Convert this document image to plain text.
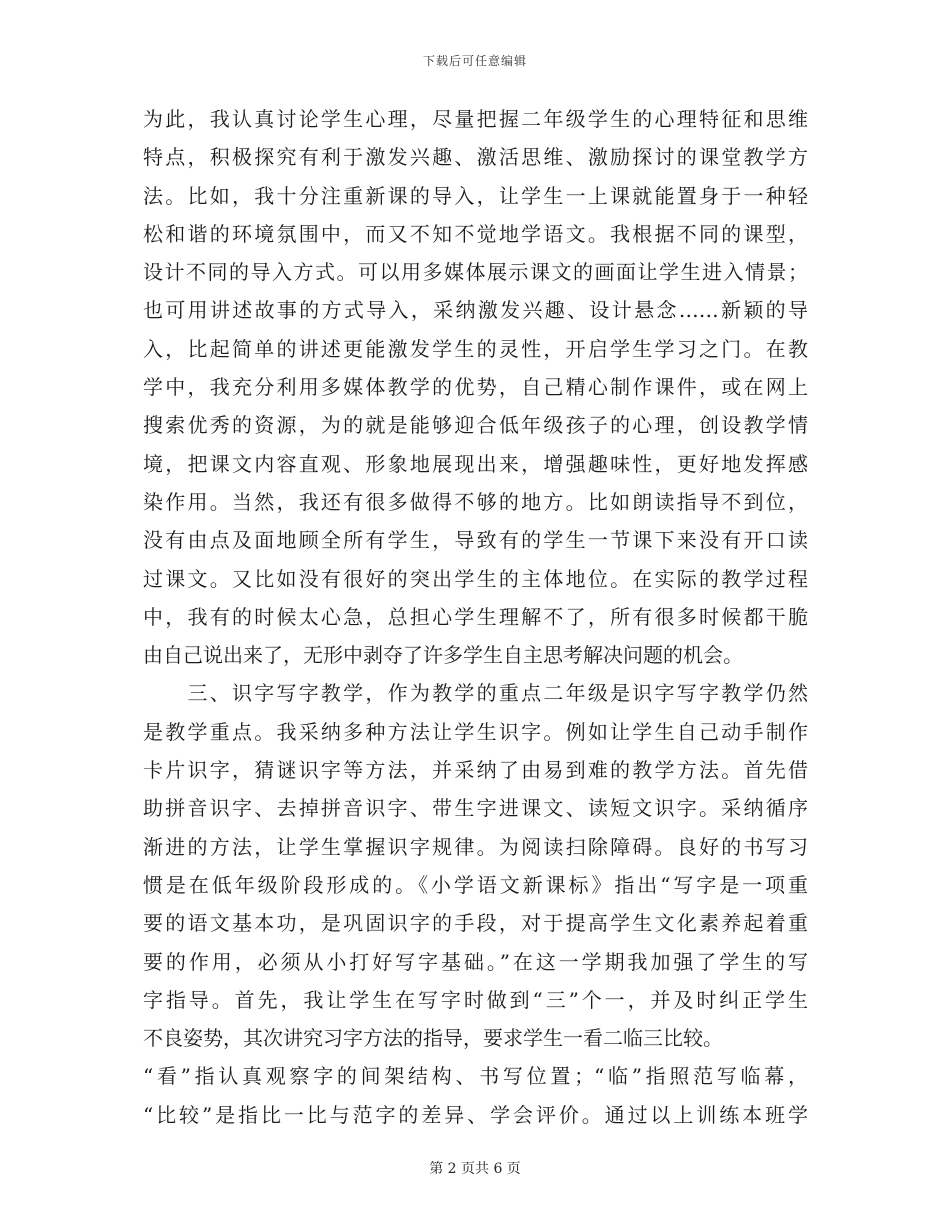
下载后可任意编辑
为此，我认真讨论学生心理，尽量把握二年级学生的心理特征和思维
特点，积极探究有利于激发兴趣、激活思维、激励探讨的课堂教学方
法。比如，我十分注重新课的导入，让学生一上课就能置身于一种轻
松和谐的环境氛围中，而又不知不觉地学语文。我根据不同的课型，
设计不同的导入方式。可以用多媒体展示课文的画面让学生进入情景；
也可用讲述故事的方式导入，采纳激发兴趣、设计悬念……新颖的导
入，比起简单的讲述更能激发学生的灵性，开启学生学习之门。在教
学中，我充分利用多媒体教学的优势，自己精心制作课件，或在网上
搜索优秀的资源，为的就是能够迎合低年级孩子的心理，创设教学情
境，把课文内容直观、形象地展现出来，增强趣味性，更好地发挥感
染作用。当然，我还有很多做得不够的地方。比如朗读指导不到位，
没有由点及面地顾全所有学生，导致有的学生一节课下来没有开口读
过课文。又比如没有很好的突出学生的主体地位。在实际的教学过程
中，我有的时候太心急，总担心学生理解不了，所有很多时候都干脆
由自己说出来了，无形中剥夺了许多学生自主思考解决问题的机会。
　　三、识字写字教学，作为教学的重点二年级是识字写字教学仍然
是教学重点。我采纳多种方法让学生识字。例如让学生自己动手制作
卡片识字，猜谜识字等方法，并采纳了由易到难的教学方法。首先借
助拼音识字、去掉拼音识字、带生字进课文、读短文识字。采纳循序
渐进的方法，让学生掌握识字规律。为阅读扫除障碍。良好的书写习
惯是在低年级阶段形成的。《小学语文新课标》指出“写字是一项重
要的语文基本功，是巩固识字的手段，对于提高学生文化素养起着重
要的作用，必须从小打好写字基础。”在这一学期我加强了学生的写
字指导。首先，我让学生在写字时做到“三”个一，并及时纠正学生
不良姿势，其次讲究习字方法的指导，要求学生一看二临三比较。
“看”指认真观察字的间架结构、书写位置；“临”指照范写临幕，
“比较”是指比一比与范字的差异、学会评价。通过以上训练本班学
第 2 页共 6 页
